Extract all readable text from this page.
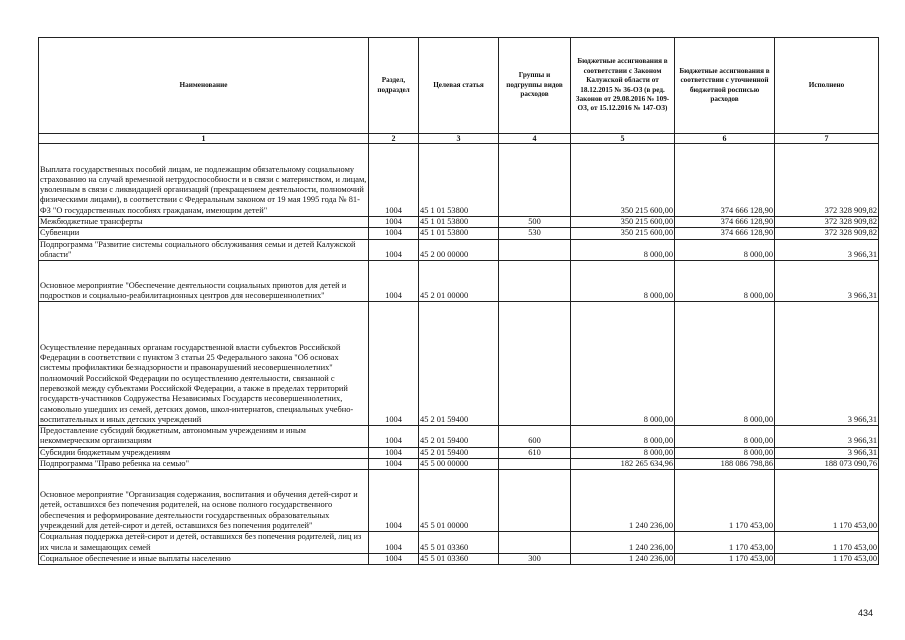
Наименование	Раздел, подраздел	Целевая статья	Группы и подгруппы видов расходов	Бюджетные ассигнования в соответствии с Законом Калужской области от 18.12.2015 № 36-ОЗ (в ред. Законов от 29.08.2016 № 109-ОЗ, от 15.12.2016 № 147-ОЗ)	Бюджетные ассигнования в соответствии с уточненной бюджетной росписью расходов	Исполнено
1	2	3	4	5	6	7
Выплата государственных пособий лицам, не подлежащим обязательному социальному страхованию на случай временной нетрудоспособности и в связи с материнством, и лицам, уволенным в связи с ликвидацией организаций (прекращением деятельности, полномочий физическими лицами), в соответствии с Федеральным законом от 19 мая 1995 года № 81-ФЗ "О государственных пособиях гражданам, имеющим детей"	1004	45 1 01 53800		350 215 600,00	374 666 128,90	372 328 909,82
Межбюджетные трансферты	1004	45 1 01 53800	500	350 215 600,00	374 666 128,90	372 328 909,82
Субвенции	1004	45 1 01 53800	530	350 215 600,00	374 666 128,90	372 328 909,82
Подпрограмма "Развитие системы социального обслуживания семьи и детей Калужской области"	1004	45 2 00 00000		8 000,00	8 000,00	3 966,31
Основное мероприятие "Обеспечение деятельности социальных приютов для детей и подростков и социально-реабилитационных центров для несовершеннолетних"	1004	45 2 01 00000		8 000,00	8 000,00	3 966,31
Осуществление переданных органам государственной власти субъектов Российской Федерации в соответствии с пунктом 3 статьи 25 Федерального закона "Об основах системы профилактики безнадзорности и правонарушений несовершеннолетних" полномочий Российской Федерации по осуществлению деятельности, связанной с перевозкой между субъектами Российской Федерации, а также в пределах территорий государств-участников Содружества Независимых Государств несовершеннолетних, самовольно ушедших из семей, детских домов, школ-интернатов, специальных учебно-воспитательных и иных детских учреждений	1004	45 2 01 59400		8 000,00	8 000,00	3 966,31
Предоставление субсидий бюджетным, автономным учреждениям и иным некоммерческим организациям	1004	45 2 01 59400	600	8 000,00	8 000,00	3 966,31
Субсидии бюджетным учреждениям	1004	45 2 01 59400	610	8 000,00	8 000,00	3 966,31
Подпрограмма "Право ребенка на семью"	1004	45 5 00 00000		182 265 634,96	188 086 798,86	188 073 090,76
Основное мероприятие "Организация содержания, воспитания и обучения детей-сирот и детей, оставшихся без попечения родителей, на основе полного государственного обеспечения и реформирование деятельности государственных образовательных учреждений для детей-сирот и детей, оставшихся без попечения родителей"	1004	45 5 01 00000		1 240 236,00	1 170 453,00	1 170 453,00
Социальная поддержка детей-сирот и детей, оставшихся без попечения родителей, лиц из их числа и замещающих семей	1004	45 5 01 03360		1 240 236,00	1 170 453,00	1 170 453,00
Социальное обеспечение и иные выплаты населению	1004	45 5 01 03360	300	1 240 236,00	1 170 453,00	1 170 453,00
434
